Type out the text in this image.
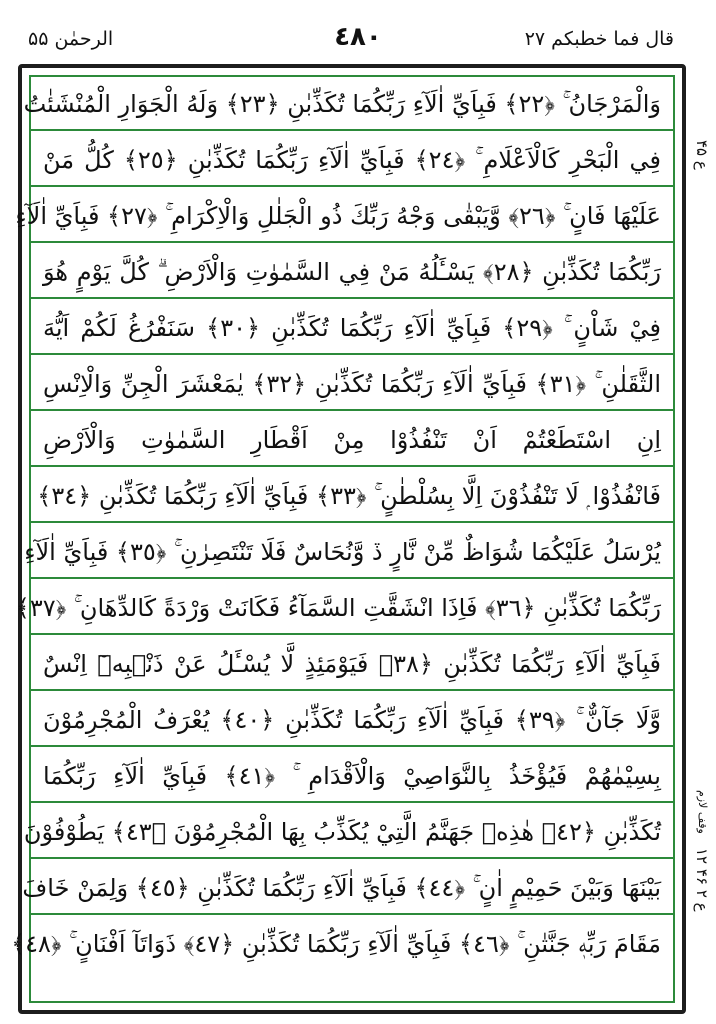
الرحمٰن ۵۵	٤٨٠	قال فما خطبكم ٢٧
ع ۴۵
وقف لازم
ع ۲ ۴۶ ۱۲
وَالْمَرْجَانُ ۚ ﴿٢٢﴾ فَبِاَيِّ اٰلَآءِ رَبِّكُمَا تُكَذِّبٰنِ ﴿٢٣﴾ وَلَهُ الْجَوَارِ الْمُنْشَئٰتُ
فِي الْبَحْرِ كَالْاَعْلَامِ ۚ ﴿٢٤﴾ فَبِاَيِّ اٰلَآءِ رَبِّكُمَا تُكَذِّبٰنِ ﴿٢٥﴾ كُلُّ مَنْ
عَلَيْهَا فَانٍ ۚ ﴿٢٦﴾ وَّيَبْقٰى وَجْهُ رَبِّكَ ذُو الْجَلٰلِ وَالْاِكْرَامِ ۚ ﴿٢٧﴾ فَبِاَيِّ اٰلَآءِ
رَبِّكُمَا تُكَذِّبٰنِ ﴿٢٨﴾ يَسْـَٔلُهُ مَنْ فِي السَّمٰوٰتِ وَالْاَرْضِ ۗ كُلَّ يَوْمٍ هُوَ
فِيْ شَاْنٍ ۚ ﴿٢٩﴾ فَبِاَيِّ اٰلَآءِ رَبِّكُمَا تُكَذِّبٰنِ ﴿٣٠﴾ سَنَفْرُغُ لَكُمْ اَيُّهَ
الثَّقَلٰنِ ۚ ﴿٣١﴾ فَبِاَيِّ اٰلَآءِ رَبِّكُمَا تُكَذِّبٰنِ ﴿٣٢﴾ يٰمَعْشَرَ الْجِنِّ وَالْاِنْسِ
اِنِ اسْتَطَعْتُمْ اَنْ تَنْفُذُوْا مِنْ اَقْطَارِ السَّمٰوٰتِ وَالْاَرْضِ
فَانْفُذُوْا ۭ لَا تَنْفُذُوْنَ اِلَّا بِسُلْطٰنٍ ۚ ﴿٣٣﴾ فَبِاَيِّ اٰلَآءِ رَبِّكُمَا تُكَذِّبٰنِ ﴿٣٤﴾
يُرْسَلُ عَلَيْكُمَا شُوَاظٌ مِّنْ نَّارٍ ڏ وَّنُحَاسٌ فَلَا تَنْتَصِرٰنِ ۚ ﴿٣٥﴾ فَبِاَيِّ اٰلَآءِ
رَبِّكُمَا تُكَذِّبٰنِ ﴿٣٦﴾ فَاِذَا انْشَقَّتِ السَّمَآءُ فَكَانَتْ وَرْدَةً كَالدِّهَانِ ۚ ﴿٣٧﴾
فَبِاَيِّ اٰلَآءِ رَبِّكُمَا تُكَذِّبٰنِ ﴿٣٨﴾ فَيَوْمَئِذٍ لَّا يُسْـَٔلُ عَنْ ذَنْۢبِهٖٓ اِنْسٌ
وَّلَا جَآنٌّ ۚ ﴿٣٩﴾ فَبِاَيِّ اٰلَآءِ رَبِّكُمَا تُكَذِّبٰنِ ﴿٤٠﴾ يُعْرَفُ الْمُجْرِمُوْنَ
بِسِيْمٰهُمْ فَيُؤْخَذُ بِالنَّوَاصِيْ وَالْاَقْدَامِ ۚ ﴿٤١﴾ فَبِاَيِّ اٰلَآءِ رَبِّكُمَا
تُكَذِّبٰنِ ﴿٤٢﴾ هٰذِهٖ جَهَنَّمُ الَّتِيْ يُكَذِّبُ بِهَا الْمُجْرِمُوْنَ ﴿٤٣﴾ يَطُوْفُوْنَ
بَيْنَهَا وَبَيْنَ حَمِيْمٍ اٰنٍ ۚ ﴿٤٤﴾ فَبِاَيِّ اٰلَآءِ رَبِّكُمَا تُكَذِّبٰنِ ﴿٤٥﴾ وَلِمَنْ خَافَ
مَقَامَ رَبِّهٖ جَنَّتٰنِ ۚ ﴿٤٦﴾ فَبِاَيِّ اٰلَآءِ رَبِّكُمَا تُكَذِّبٰنِ ﴿٤٧﴾ ذَوَاتَآ اَفْنَانٍ ۚ ﴿٤٨﴾
